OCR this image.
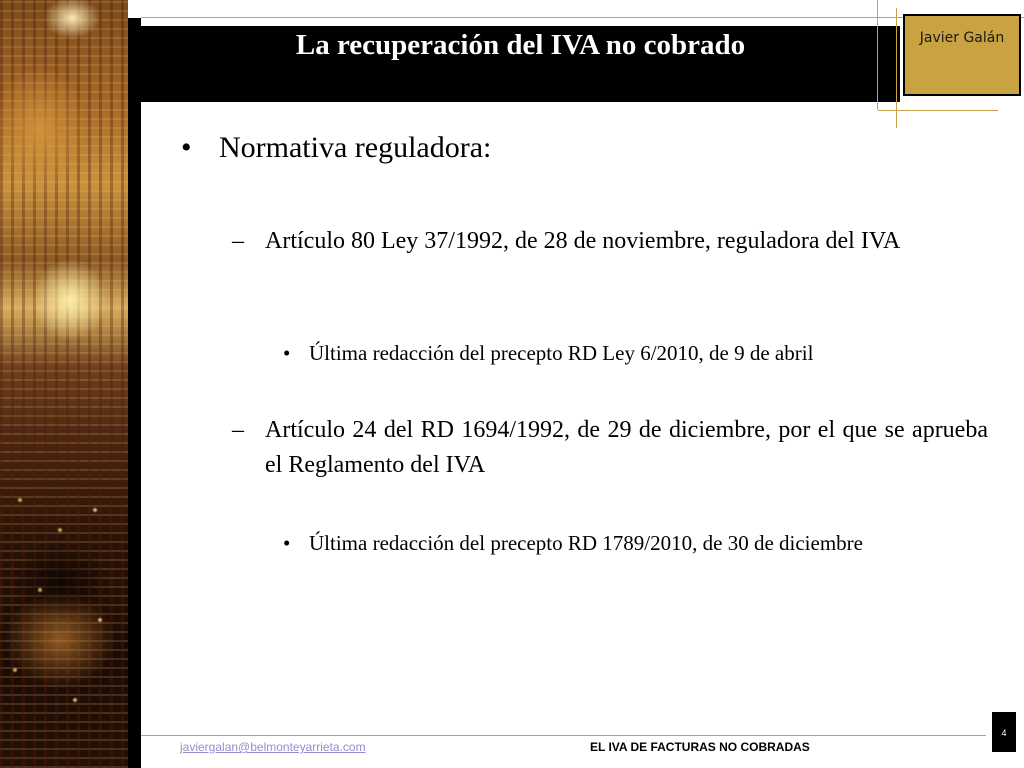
La recuperación del IVA no cobrado	Javier Galán
• Normativa reguladora:
– Artículo 80 Ley 37/1992, de 28 de noviembre, reguladora del IVA
• Última redacción del precepto RD Ley 6/2010, de 9 de abril
– Artículo 24 del RD 1694/1992, de 29 de diciembre, por el que se aprueba el Reglamento del IVA
• Última redacción del precepto RD 1789/2010, de 30 de diciembre
javiergalan@belmonteyarrieta.com	EL IVA DE FACTURAS NO COBRADAS
4
